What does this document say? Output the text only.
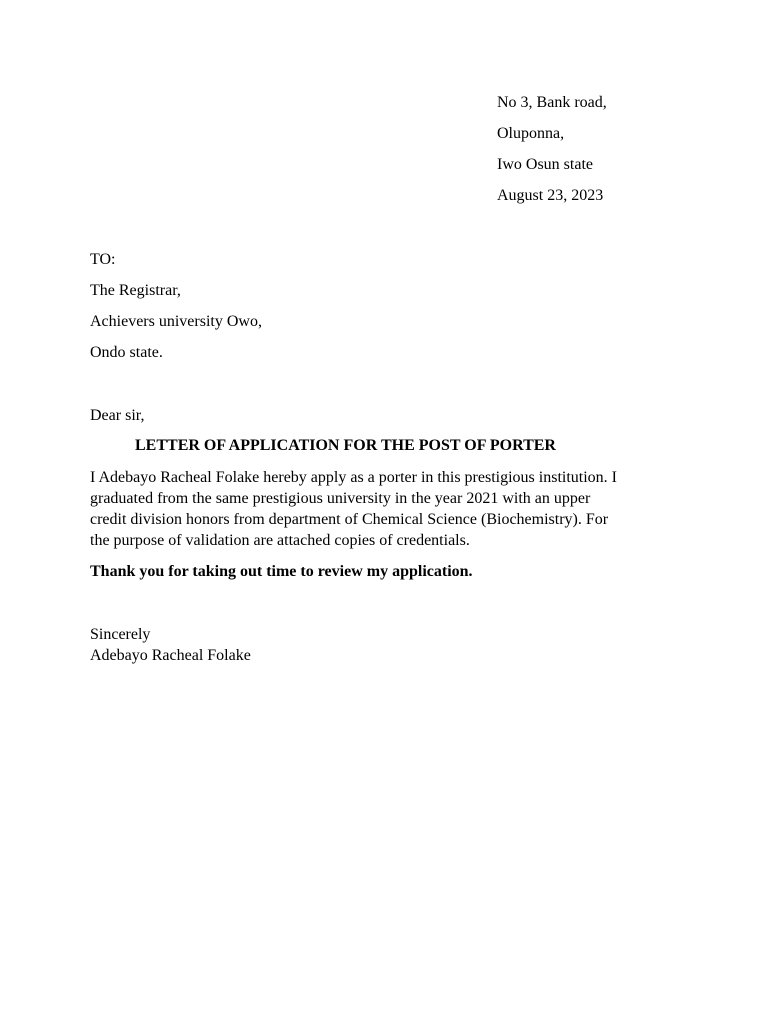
No 3, Bank road,
Oluponna,
Iwo Osun state
August 23, 2023
TO:
The Registrar,
Achievers university Owo,
Ondo state.
Dear sir,
LETTER OF APPLICATION FOR THE POST OF PORTER

I Adebayo Racheal Folake hereby apply as a porter in this prestigious institution. I
graduated from the same prestigious university in the year 2021 with an upper
credit division honors from department of Chemical Science (Biochemistry). For
the purpose of validation are attached copies of credentials.

Thank you for taking out time to review my application.
Sincerely
Adebayo Racheal Folake
